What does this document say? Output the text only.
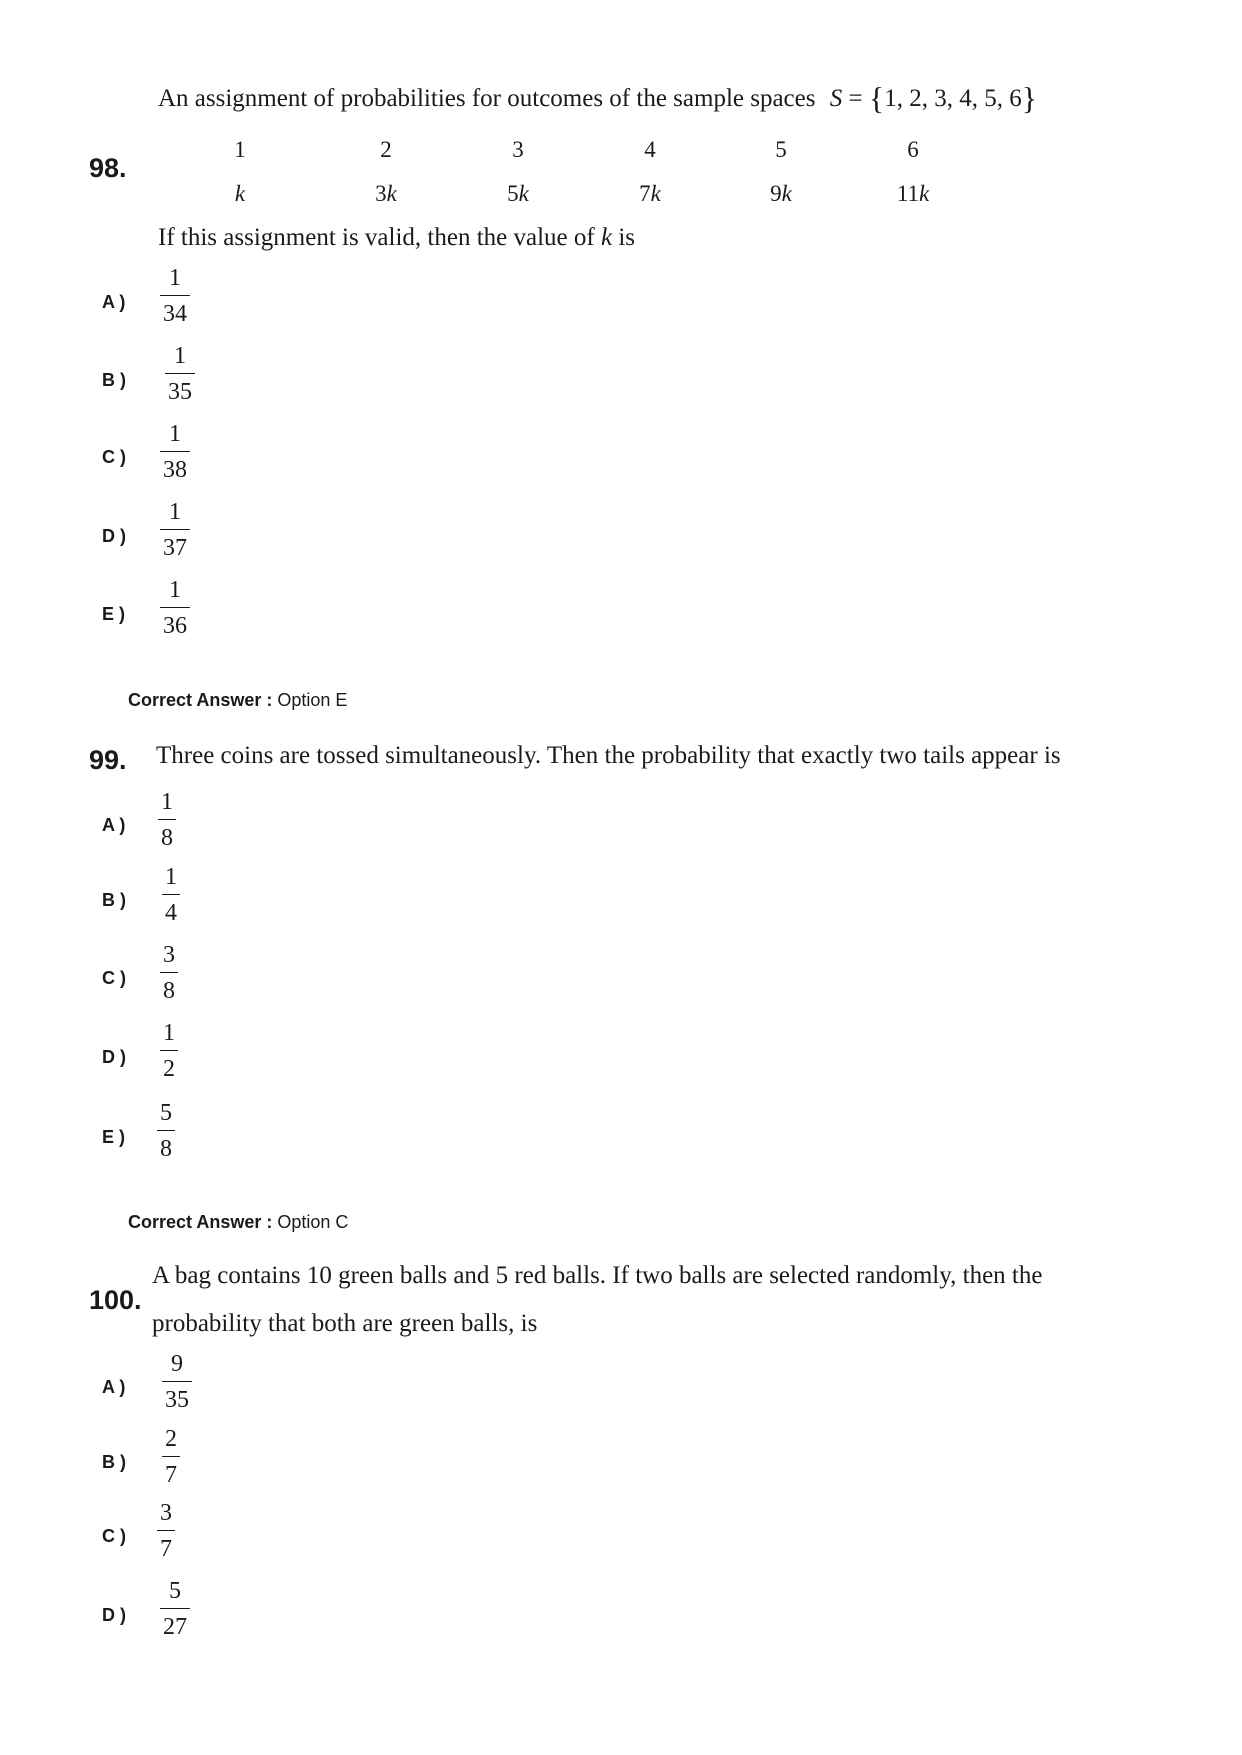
An assignment of probabilities for outcomes of the sample spaces S = {1, 2, 3, 4, 5, 6}
98.
1	2	3	4	5	6
k	3k	5k	7k	9k	11k
If this assignment is valid, then the value of k is
A )
1
34
B )
1
35
C )
1
38
D )
1
37
E )
1
36
Correct Answer : Option E
99. Three coins are tossed simultaneously. Then the probability that exactly two tails appear is
A )
1
8
B )
1
4
C )
3
8
D )
1
2
E )
5
8
Correct Answer : Option C
A bag contains 10 green balls and 5 red balls. If two balls are selected randomly, then the
100.
probability that both are green balls, is
A )
9
35
B )
2
7
C )
3
7
D )
5
27
